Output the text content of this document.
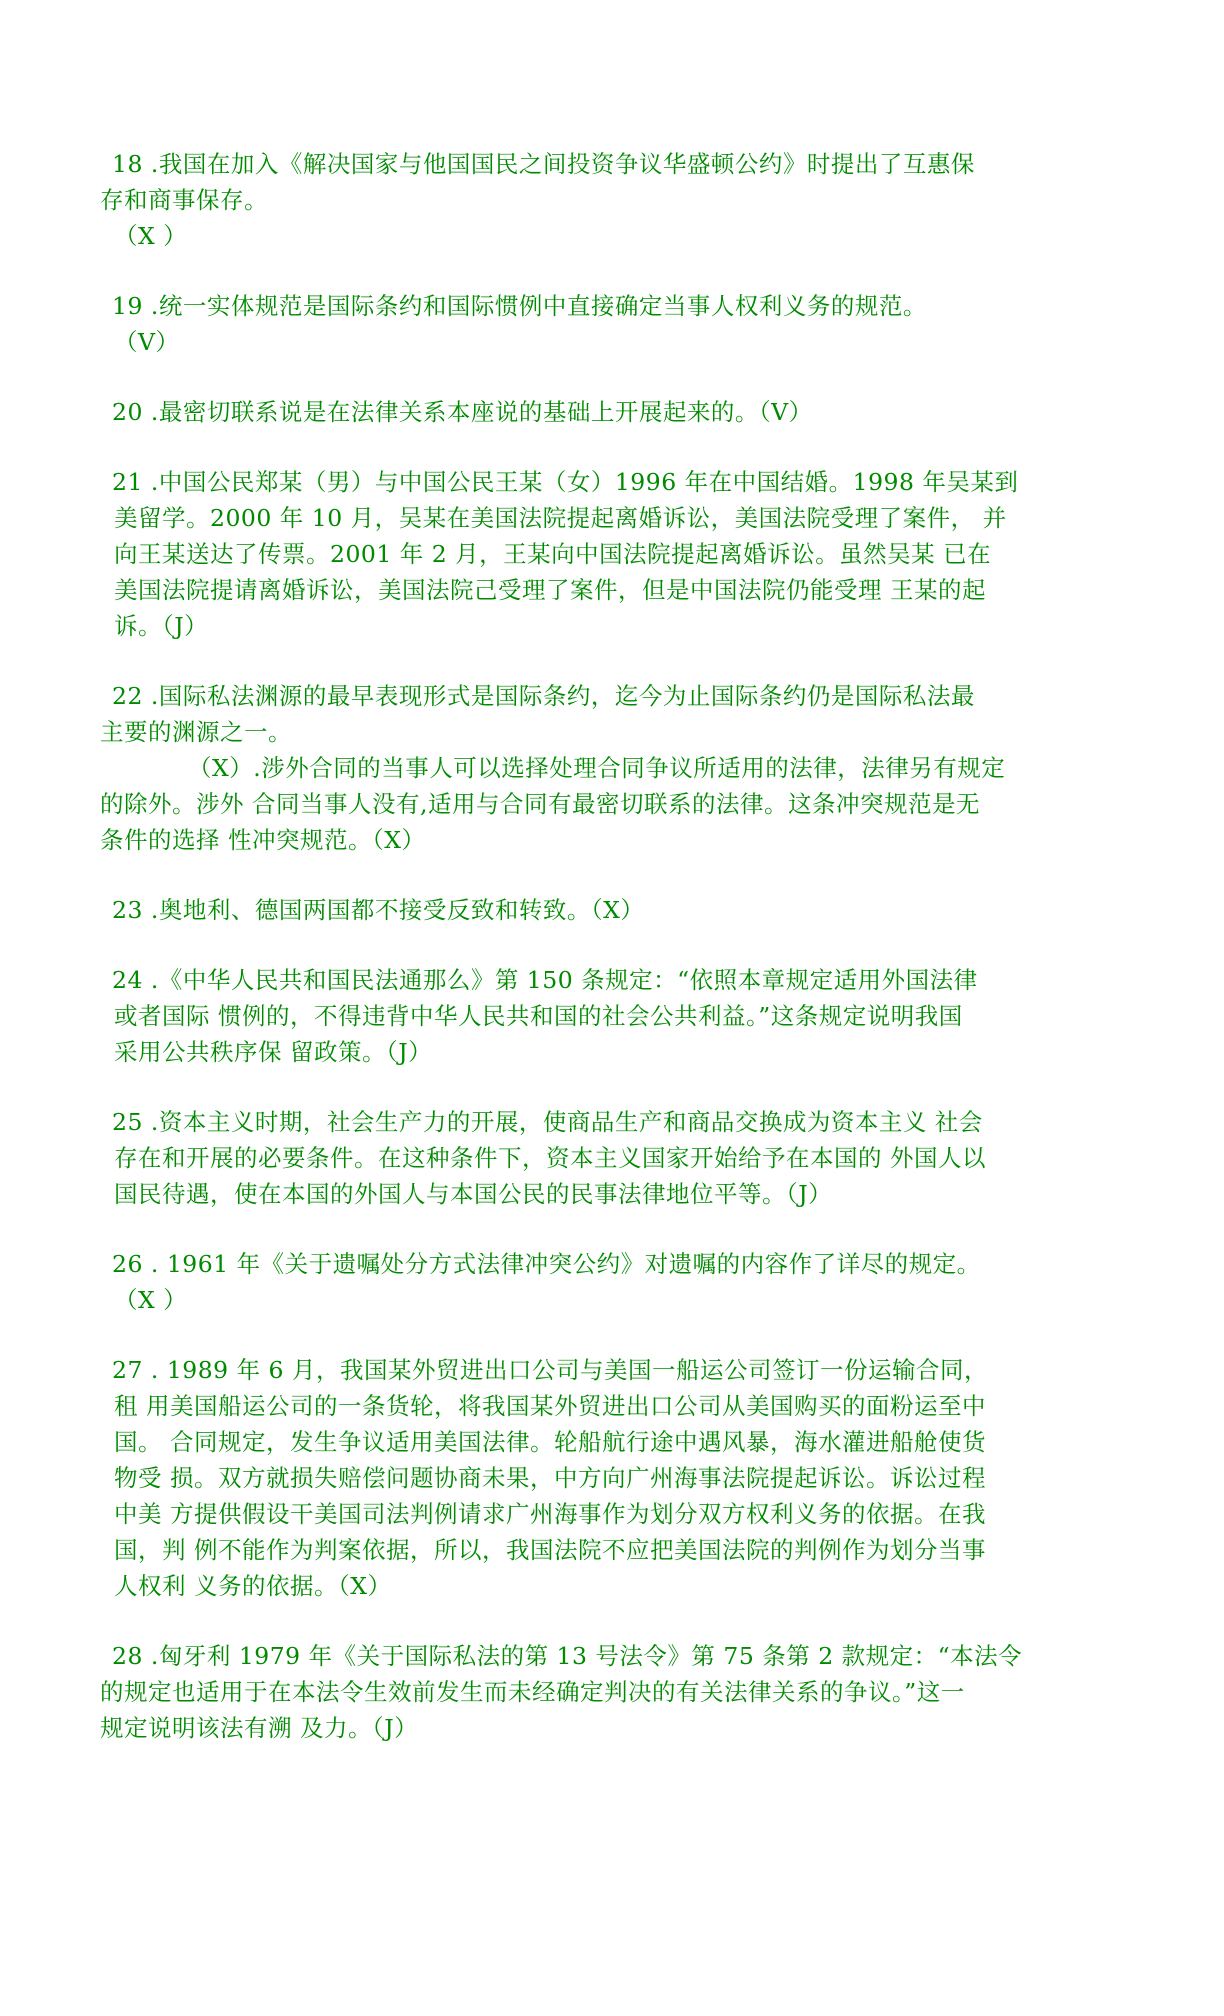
18 .我国在加入《解决国家与他国国民之间投资争议华盛顿公约》时提出了互惠保
存和商事保存。
（X ）
19 .统一实体规范是国际条约和国际惯例中直接确定当事人权利义务的规范。
（V）
20 .最密切联系说是在法律关系本座说的基础上开展起来的。（V）
21 .中国公民郑某（男）与中国公民王某（女）1996 年在中国结婚。1998 年吴某到
美留学。2000 年 10 月，吴某在美国法院提起离婚诉讼，美国法院受理了案件， 并
向王某送达了传票。2001 年 2 月，王某向中国法院提起离婚诉讼。虽然吴某 已在
美国法院提请离婚诉讼，美国法院己受理了案件，但是中国法院仍能受理 王某的起
诉。（J）
22 .国际私法渊源的最早表现形式是国际条约，迄今为止国际条约仍是国际私法最
主要的渊源之一。
（X）.涉外合同的当事人可以选择处理合同争议所适用的法律，法律另有规定
的除外。涉外 合同当事人没有,适用与合同有最密切联系的法律。这条冲突规范是无
条件的选择 性冲突规范。（X）
23 .奥地利、德国两国都不接受反致和转致。（X）
24 .《中华人民共和国民法通那么》第 150 条规定：“依照本章规定适用外国法律
或者国际 惯例的，不得违背中华人民共和国的社会公共利益。”这条规定说明我国
采用公共秩序保 留政策。（J）
25 .资本主义时期，社会生产力的开展，使商品生产和商品交换成为资本主义 社会
存在和开展的必要条件。在这种条件下，资本主义国家开始给予在本国的 外国人以
国民待遇，使在本国的外国人与本国公民的民事法律地位平等。（J）
26 . 1961 年《关于遗嘱处分方式法律冲突公约》对遗嘱的内容作了详尽的规定。
（X ）
27 . 1989 年 6 月，我国某外贸进出口公司与美国一船运公司签订一份运输合同，
租 用美国船运公司的一条货轮，将我国某外贸进出口公司从美国购买的面粉运至中
国。 合同规定，发生争议适用美国法律。轮船航行途中遇风暴，海水灌进船舱使货
物受 损。双方就损失赔偿问题协商未果，中方向广州海事法院提起诉讼。诉讼过程
中美 方提供假设干美国司法判例请求广州海事作为划分双方权利义务的依据。在我
国，判 例不能作为判案依据，所以，我国法院不应把美国法院的判例作为划分当事
人权利 义务的依据。（X）
28 .匈牙利 1979 年《关于国际私法的第 13 号法令》第 75 条第 2 款规定：“本法令
的规定也适用于在本法令生效前发生而未经确定判决的有关法律关系的争议。”这一
规定说明该法有溯 及力。（J）
